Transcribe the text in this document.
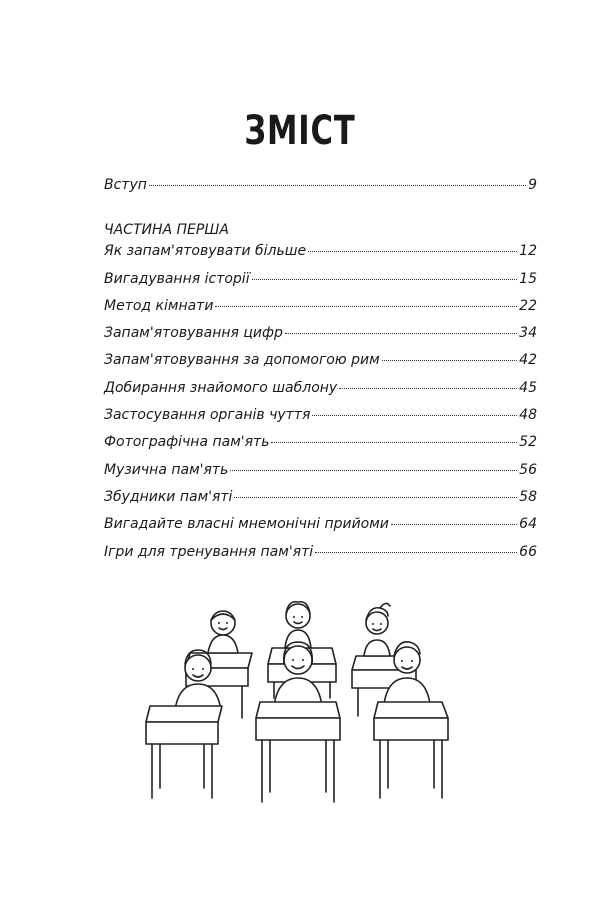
ЗМІСТ
Вступ	9
ЧАСТИНА ПЕРША
Як запам'ятовувати більше	12
Вигадування історії	15
Метод кімнати	22
Запам'ятовування цифр	34
Запам'ятовування за допомогою рим	42
Добирання знайомого шаблону	45
Застосування органів чуття	48
Фотографічна пам'ять	52
Музична пам'ять	56
Збудники пам'яті	58
Вигадайте власні мнемонічні прийоми	64
Ігри для тренування пам'яті	66
